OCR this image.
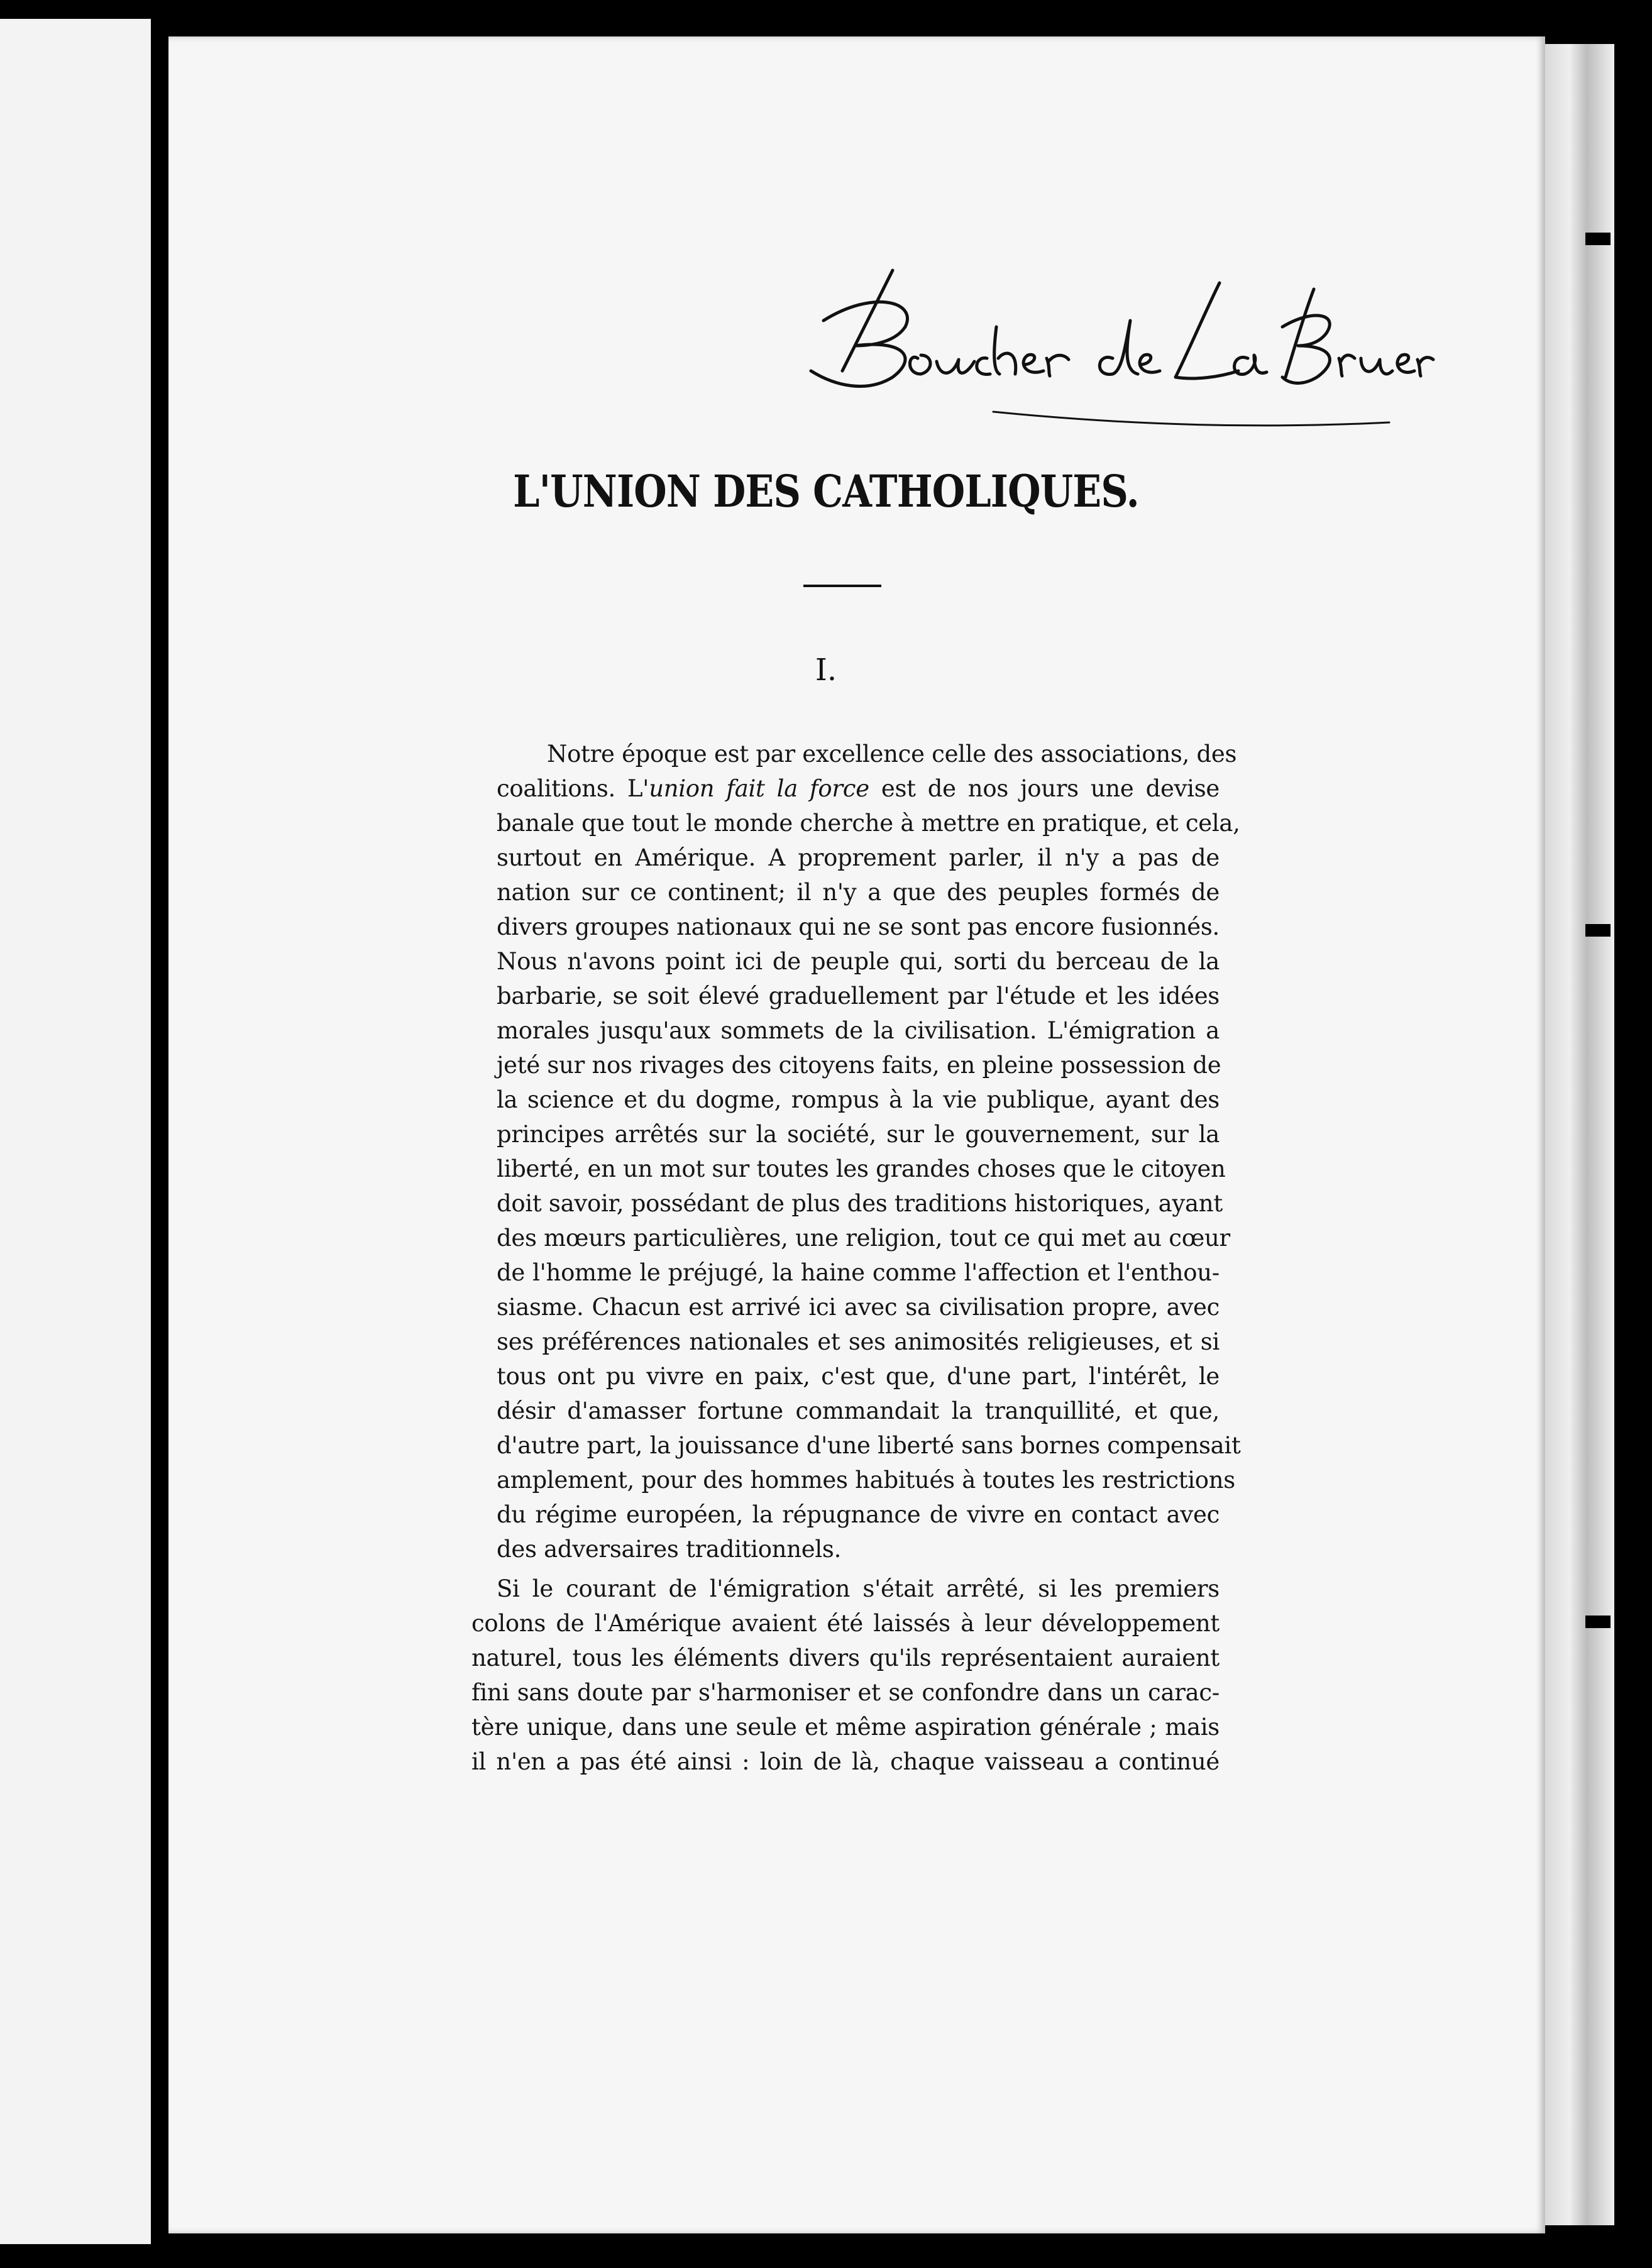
L'UNION DES CATHOLIQUES.
I.

Notre époque est par excellence celle des associations, des
coalitions. L'union fait la force est de nos jours une devise
banale que tout le monde cherche à mettre en pratique, et cela,
surtout en Amérique. A proprement parler, il n'y a pas de
nation sur ce continent; il n'y a que des peuples formés de
divers groupes nationaux qui ne se sont pas encore fusionnés.
Nous n'avons point ici de peuple qui, sorti du berceau de la
barbarie, se soit élevé graduellement par l'étude et les idées
morales jusqu'aux sommets de la civilisation. L'émigration a
jeté sur nos rivages des citoyens faits, en pleine possession de
la science et du dogme, rompus à la vie publique, ayant des
principes arrêtés sur la société, sur le gouvernement, sur la
liberté, en un mot sur toutes les grandes choses que le citoyen
doit savoir, possédant de plus des traditions historiques, ayant
des mœurs particulières, une religion, tout ce qui met au cœur
de l'homme le préjugé, la haine comme l'affection et l'enthou-
siasme. Chacun est arrivé ici avec sa civilisation propre, avec
ses préférences nationales et ses animosités religieuses, et si
tous ont pu vivre en paix, c'est que, d'une part, l'intérêt, le
désir d'amasser fortune commandait la tranquillité, et que,
d'autre part, la jouissance d'une liberté sans bornes compensait
amplement, pour des hommes habitués à toutes les restrictions
du régime européen, la répugnance de vivre en contact avec
des adversaires traditionnels.

Si le courant de l'émigration s'était arrêté, si les premiers
colons de l'Amérique avaient été laissés à leur développement
naturel, tous les éléments divers qu'ils représentaient auraient
fini sans doute par s'harmoniser et se confondre dans un carac-
tère unique, dans une seule et même aspiration générale ; mais
il n'en a pas été ainsi : loin de là, chaque vaisseau a continué
